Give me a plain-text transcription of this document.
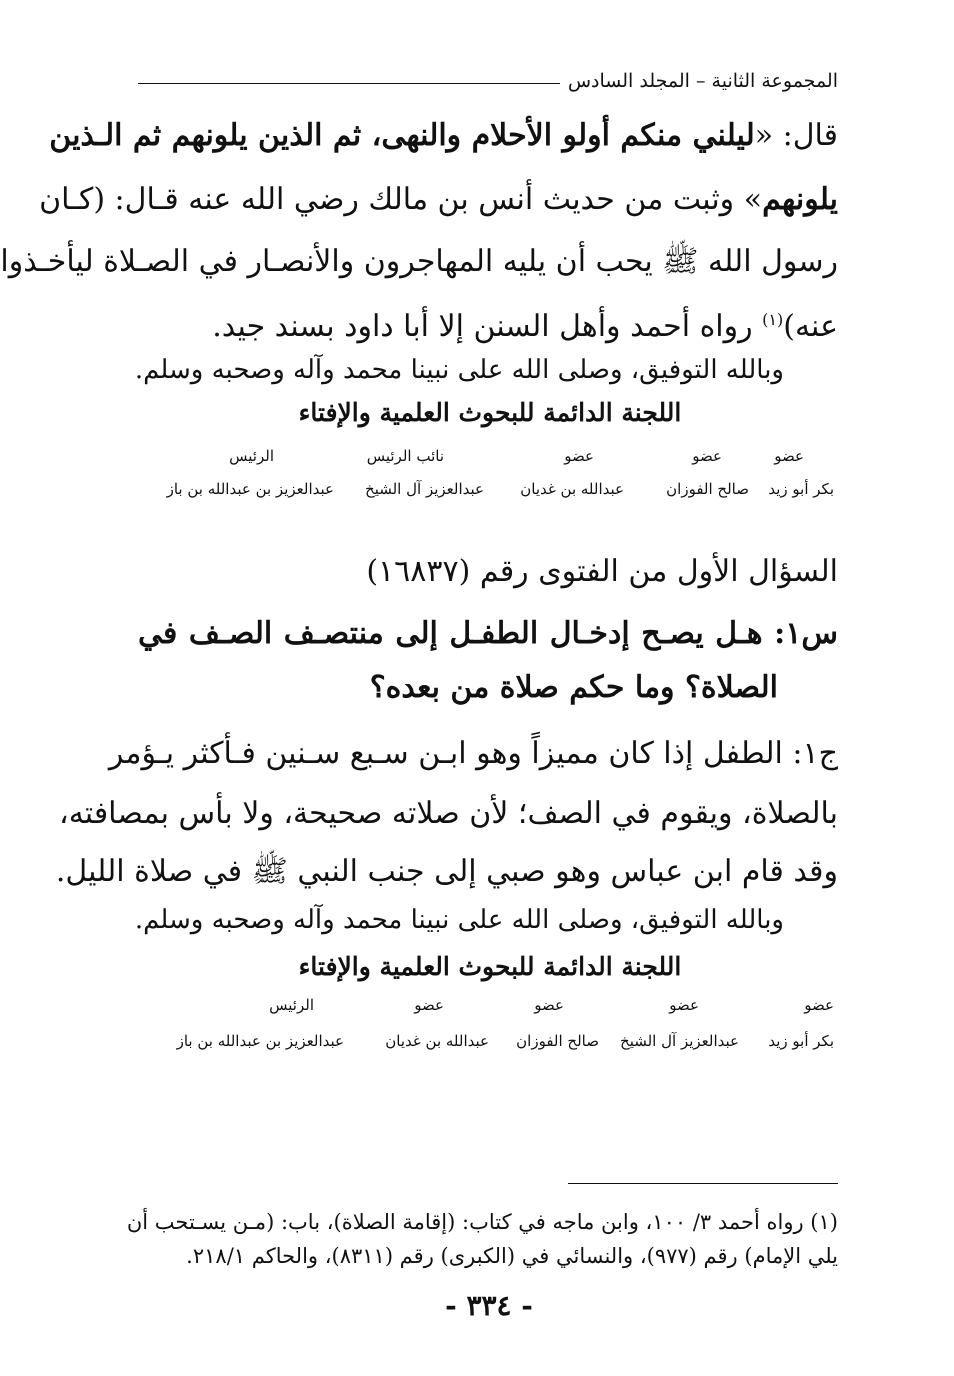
المجموعة الثانية – المجلد السادس
قال: «ليلني منكم أولو الأحلام والنهى، ثم الذين يلونهم ثم الـذين
يلونهم» وثبت من حديث أنس بن مالك رضي الله عنه قـال: (كـان
رسول الله ﷺ يحب أن يليه المهاجرون والأنصـار في الصـلاة ليأخـذوا
عنه)$^{(١)}$ رواه أحمد وأهل السنن إلا أبا داود بسند جيد.
وبالله التوفيق، وصلى الله على نبينا محمد وآله وصحبه وسلم.
اللجنة الدائمة للبحوث العلمية والإفتاء
عضو
عضو
عضو
نائب الرئيس
الرئيس
بكر أبو زيد
صالح الفوزان
عبدالله بن غديان
عبدالعزيز آل الشيخ
عبدالعزيز بن عبدالله بن باز
السؤال الأول من الفتوى رقم (١٦٨٣٧)
س١: هـل يصـح إدخـال الطفـل إلى منتصـف الصـف في
الصلاة؟ وما حكم صلاة من بعده؟
ج١: الطفل إذا كان مميزاً وهو ابـن سـبع سـنين فـأكثر يـؤمر
بالصلاة، ويقوم في الصف؛ لأن صلاته صحيحة، ولا بأس بمصافته،
وقد قام ابن عباس وهو صبي إلى جنب النبي ﷺ في صلاة الليل.
وبالله التوفيق، وصلى الله على نبينا محمد وآله وصحبه وسلم.
اللجنة الدائمة للبحوث العلمية والإفتاء
عضو
عضو
عضو
عضو
الرئيس
بكر أبو زيد
عبدالعزيز آل الشيخ
صالح الفوزان
عبدالله بن غديان
عبدالعزيز بن عبدالله بن باز
(١) رواه أحمد ٣/ ١٠٠، وابن ماجه في كتاب: (إقامة الصلاة)، باب: (مـن يسـتحب أن
يلي الإمام) رقم (٩٧٧)، والنسائي في (الكبرى) رقم (٨٣١١)، والحاكم ٢١٨/١.
- ٣٣٤ -
